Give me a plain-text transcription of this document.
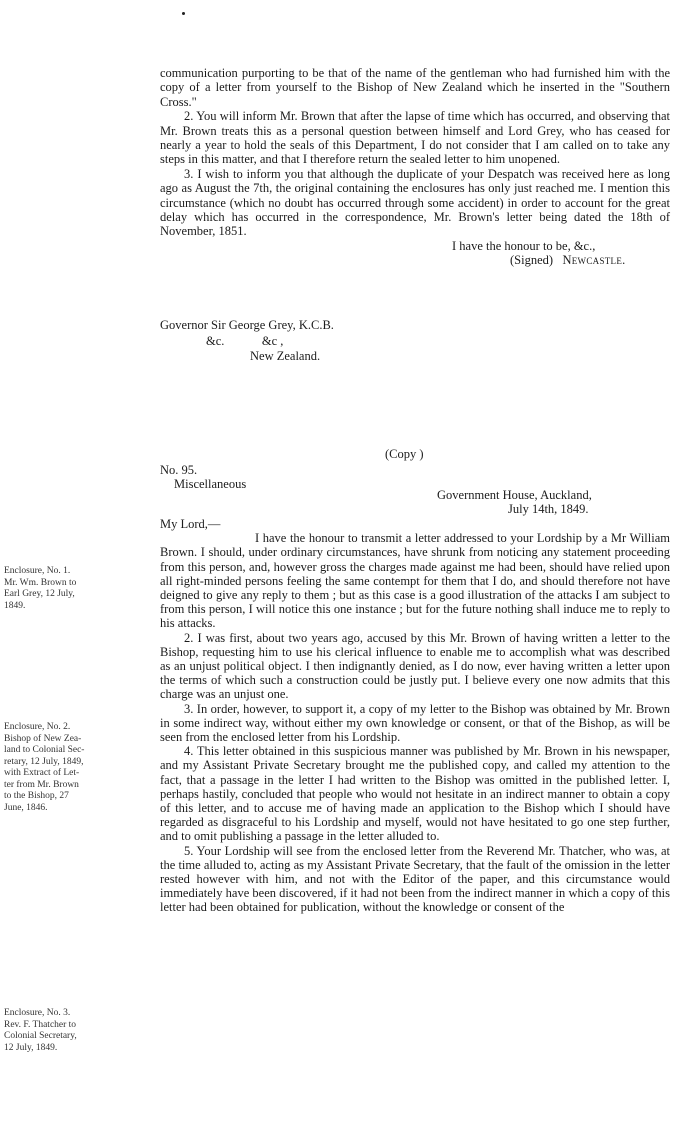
communication purporting to be that of the name of the gentleman who had furnished him with the copy of a letter from yourself to the Bishop of New Zealand which he inserted in the "Southern Cross."

2. You will inform Mr. Brown that after the lapse of time which has occurred, and observing that Mr. Brown treats this as a personal question between himself and Lord Grey, who has ceased for nearly a year to hold the seals of this Department, I do not consider that I am called on to take any steps in this matter, and that I therefore return the sealed letter to him unopened.

3. I wish to inform you that although the duplicate of your Despatch was received here as long ago as August the 7th, the original containing the enclosures has only just reached me. I mention this circumstance (which no doubt has occurred through some accident) in order to account for the great delay which has occurred in the correspondence, Mr. Brown's letter being dated the 18th of November, 1851.

I have the honour to be, &c.,

(Signed) Newcastle.

Governor Sir George Grey, K.C.B.
&c.            &c ,
New Zealand.
(Copy )
No. 95.
Miscellaneous
Government House, Auckland,
July 14th, 1849.

My Lord,—

I have the honour to transmit a letter addressed to your Lordship by a Mr William Brown. I should, under ordinary circumstances, have shrunk from noticing any statement proceeding from this person, and, however gross the charges made against me had been, should have relied upon all right-minded persons feeling the same contempt for them that I do, and should therefore not have deigned to give any reply to them ; but as this case is a good illustration of the attacks I am subject to from this person, I will notice this one instance ; but for the future nothing shall induce me to reply to his attacks.

2. I was first, about two years ago, accused by this Mr. Brown of having written a letter to the Bishop, requesting him to use his clerical influence to enable me to accomplish what was described as an unjust political object. I then indignantly denied, as I do now, ever having written a letter upon the terms of which such a construction could be justly put. I believe every one now admits that this charge was an unjust one.

3. In order, however, to support it, a copy of my letter to the Bishop was obtained by Mr. Brown in some indirect way, without either my own knowledge or consent, or that of the Bishop, as will be seen from the enclosed letter from his Lordship.

4. This letter obtained in this suspicious manner was published by Mr. Brown in his newspaper, and my Assistant Private Secretary brought me the published copy, and called my attention to the fact, that a passage in the letter I had written to the Bishop was omitted in the published letter. I, perhaps hastily, concluded that people who would not hesitate in an indirect manner to obtain a copy of this letter, and to accuse me of having made an application to the Bishop which I should have regarded as disgraceful to his Lordship and myself, would not have hesitated to go one step further, and to omit publishing a passage in the letter alluded to.

5. Your Lordship will see from the enclosed letter from the Reverend Mr. Thatcher, who was, at the time alluded to, acting as my Assistant Private Secretary, that the fault of the omission in the letter rested however with him, and not with the Editor of the paper, and this circumstance would immediately have been discovered, if it had not been from the indirect manner in which a copy of this letter had been obtained for publication, without the knowledge or consent of the

Enclosure, No. 1.
Mr. Wm. Brown to
Earl Grey, 12 July,
1849.
Enclosure, No. 2.
Bishop of New Zea-
land to Colonial Sec-
retary, 12 July, 1849,
with Extract of Let-
ter from Mr. Brown
to the Bishop, 27
June, 1846.
Enclosure, No. 3.
Rev. F. Thatcher to
Colonial Secretary,
12 July, 1849.
